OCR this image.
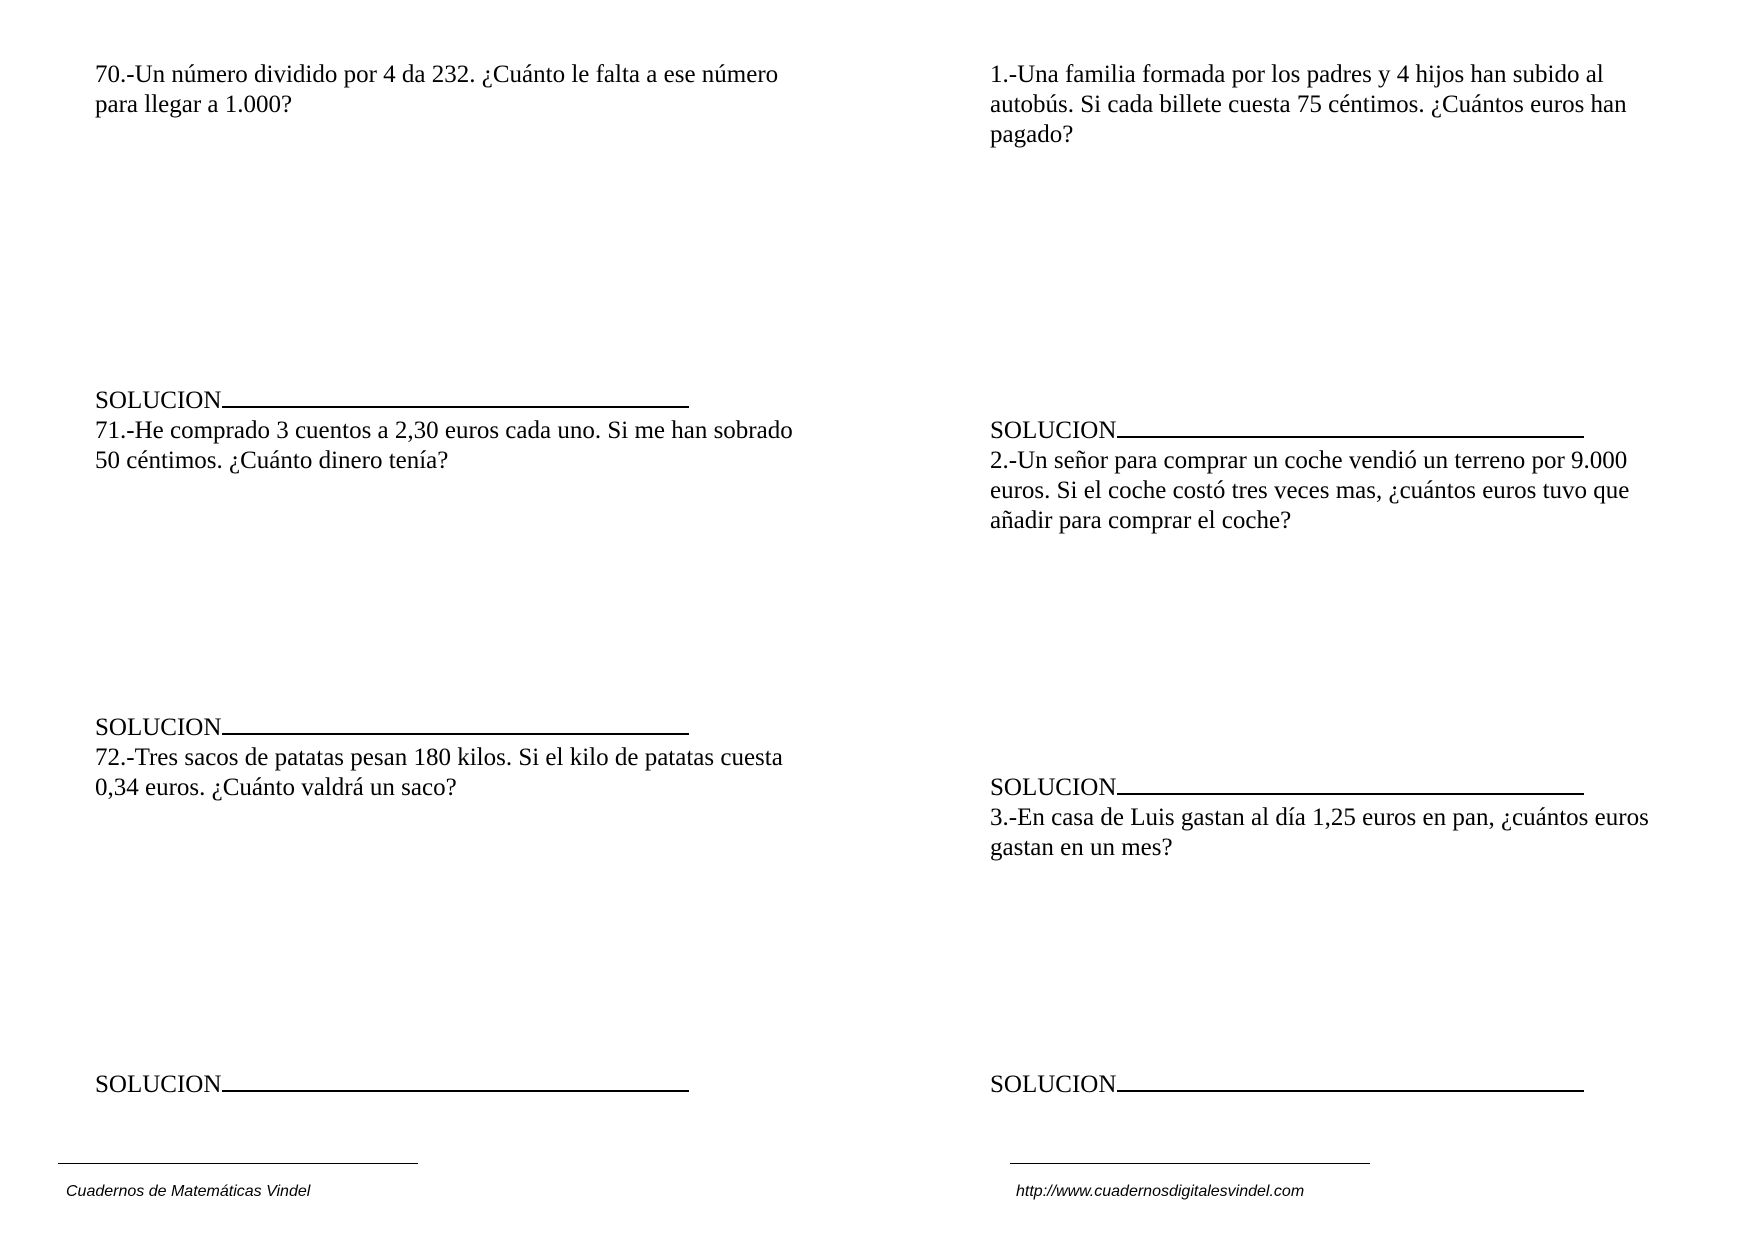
70.-Un número dividido por 4 da 232. ¿Cuánto le falta a ese número para llegar a 1.000?
SOLUCION
71.-He comprado 3 cuentos a 2,30 euros cada uno. Si me han sobrado 50 céntimos. ¿Cuánto dinero tenía?
SOLUCION
72.-Tres sacos de patatas pesan 180 kilos. Si el kilo de patatas cuesta 0,34 euros. ¿Cuánto valdrá un saco?
SOLUCION
1.-Una familia formada por los padres y 4 hijos han subido al autobús. Si cada billete cuesta 75 céntimos. ¿Cuántos euros han pagado?
SOLUCION
2.-Un señor para comprar un coche vendió un terreno por 9.000 euros. Si el coche costó tres veces mas, ¿cuántos euros tuvo que añadir para comprar el coche?
SOLUCION
3.-En casa de Luis gastan al día 1,25 euros en pan, ¿cuántos euros gastan en un mes?
SOLUCION
Cuadernos de Matemáticas Vindel	http://www.cuadernosdigitalesvindel.com
